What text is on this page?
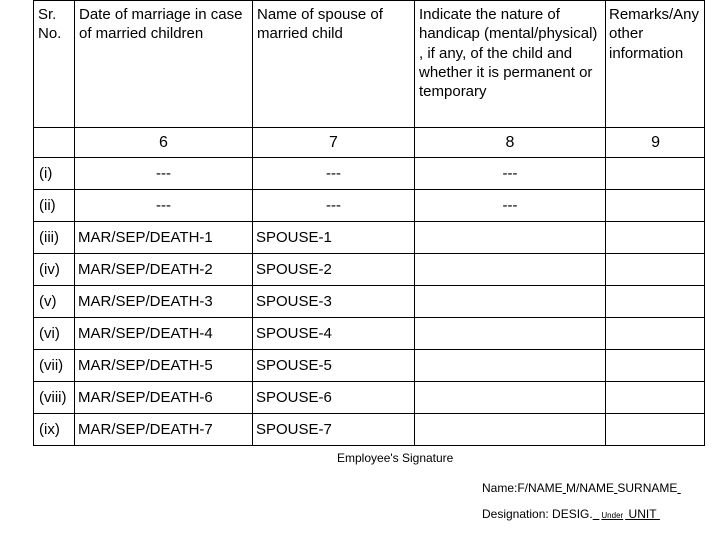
Sr. No.	Date of marriage in case of married children	Name of spouse of married child	Indicate the nature of handicap (mental/physical) , if any, of the child and whether it is permanent or temporary	Remarks/Any other information
	6	7	8	9
(i)	---	---	---	
(ii)	---	---	---	
(iii)	MAR/SEP/DEATH-1	SPOUSE-1		
(iv)	MAR/SEP/DEATH-2	SPOUSE-2		
(v)	MAR/SEP/DEATH-3	SPOUSE-3		
(vi)	MAR/SEP/DEATH-4	SPOUSE-4		
(vii)	MAR/SEP/DEATH-5	SPOUSE-5		
(viii)	MAR/SEP/DEATH-6	SPOUSE-6		
(ix)	MAR/SEP/DEATH-7	SPOUSE-7		
Employee's Signature
Name:F/NAME M/NAME SURNAME
Designation: DESIG. Under UNIT
